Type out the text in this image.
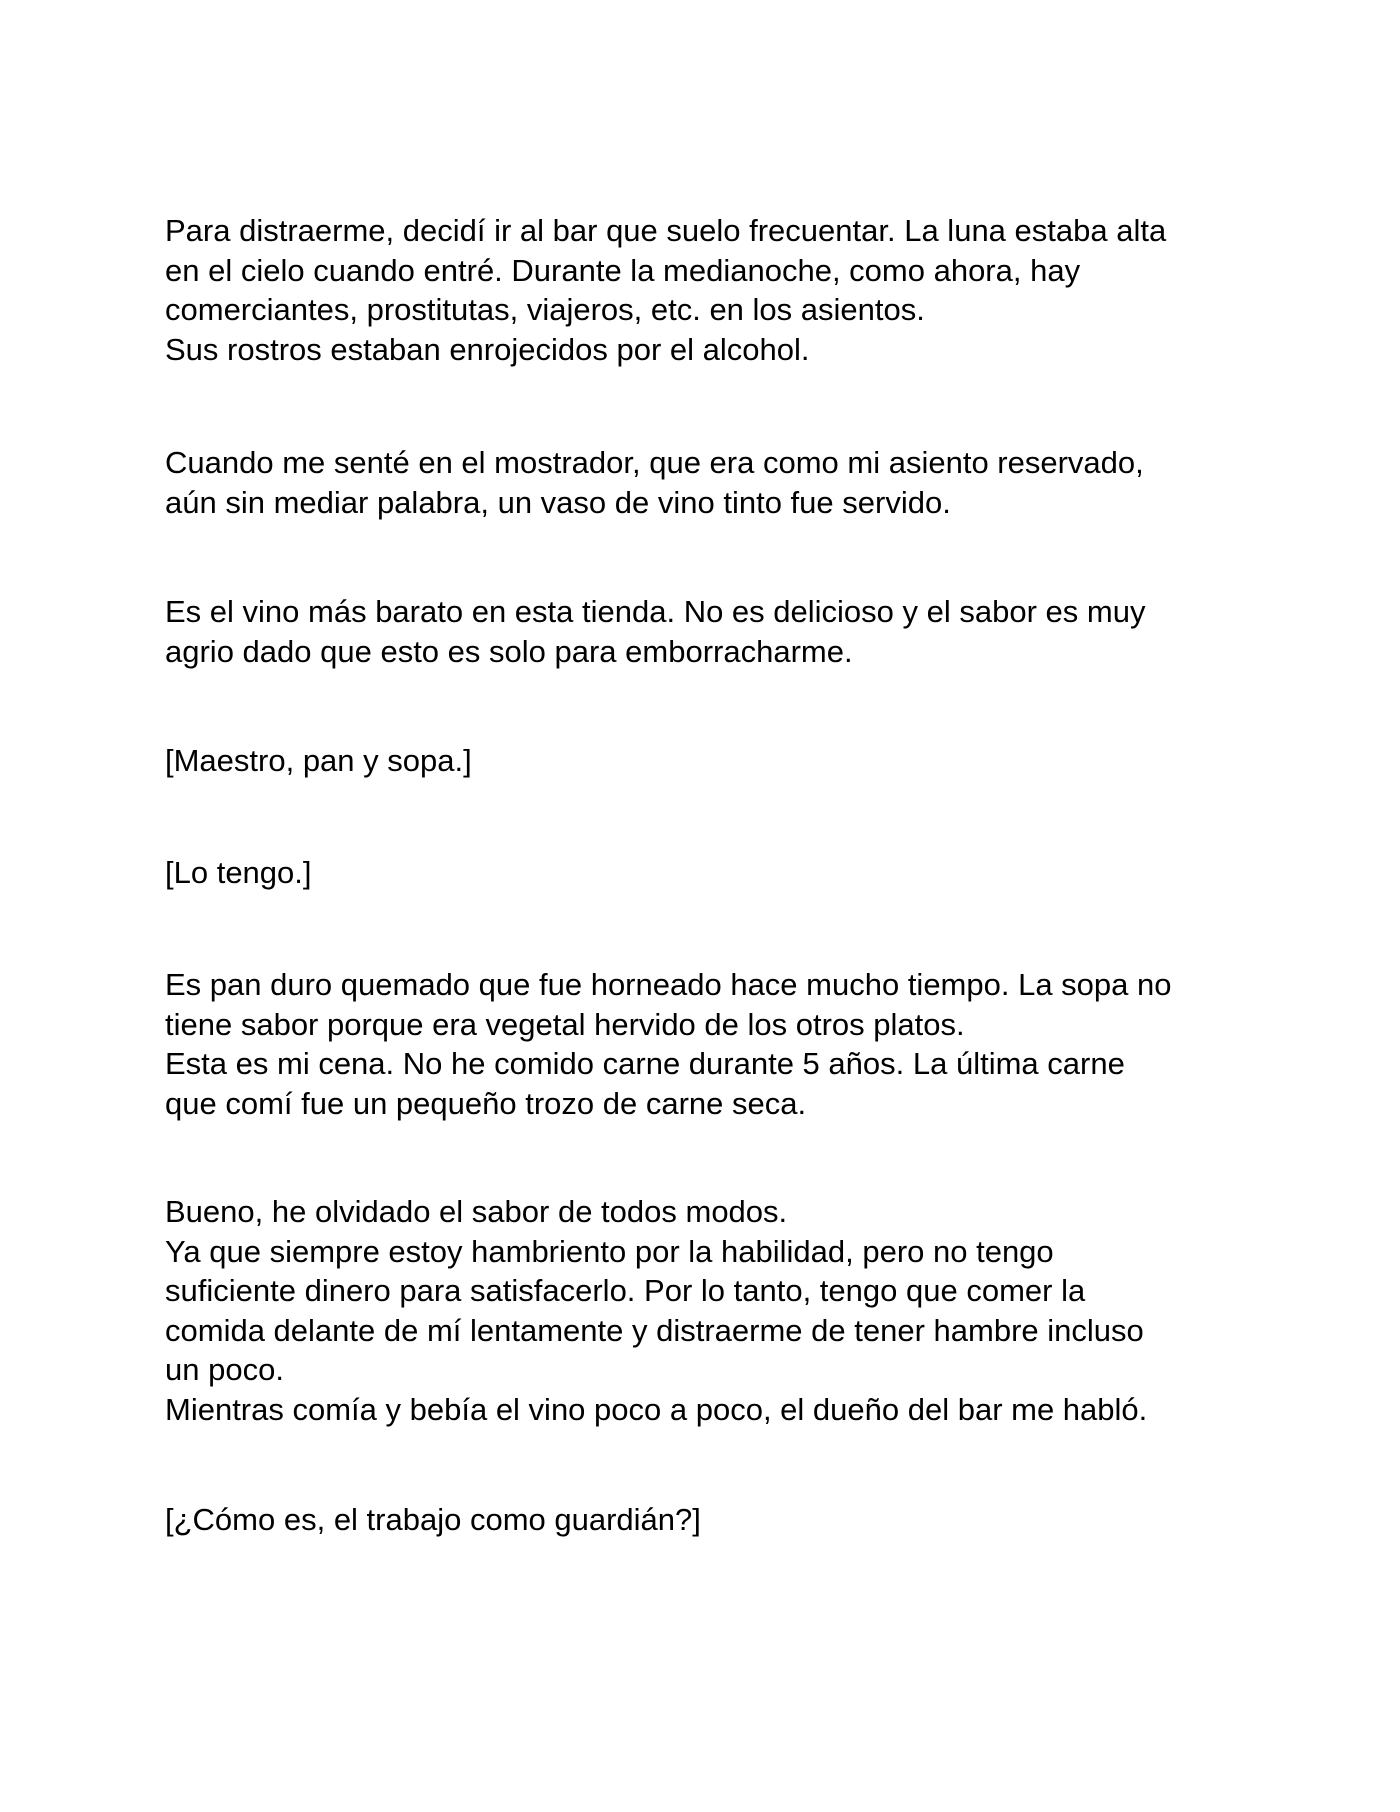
Para distraerme, decidí ir al bar que suelo frecuentar. La luna estaba alta
en el cielo cuando entré. Durante la medianoche, como ahora, hay
comerciantes, prostitutas, viajeros, etc. en los asientos.
Sus rostros estaban enrojecidos por el alcohol.

Cuando me senté en el mostrador, que era como mi asiento reservado,
aún sin mediar palabra, un vaso de vino tinto fue servido.

Es el vino más barato en esta tienda. No es delicioso y el sabor es muy
agrio dado que esto es solo para emborracharme.

[Maestro, pan y sopa.]

[Lo tengo.]

Es pan duro quemado que fue horneado hace mucho tiempo. La sopa no
tiene sabor porque era vegetal hervido de los otros platos.
Esta es mi cena. No he comido carne durante 5 años. La última carne
que comí fue un pequeño trozo de carne seca.

Bueno, he olvidado el sabor de todos modos.
Ya que siempre estoy hambriento por la habilidad, pero no tengo
suficiente dinero para satisfacerlo. Por lo tanto, tengo que comer la
comida delante de mí lentamente y distraerme de tener hambre incluso
un poco.
Mientras comía y bebía el vino poco a poco, el dueño del bar me habló.

[¿Cómo es, el trabajo como guardián?]
